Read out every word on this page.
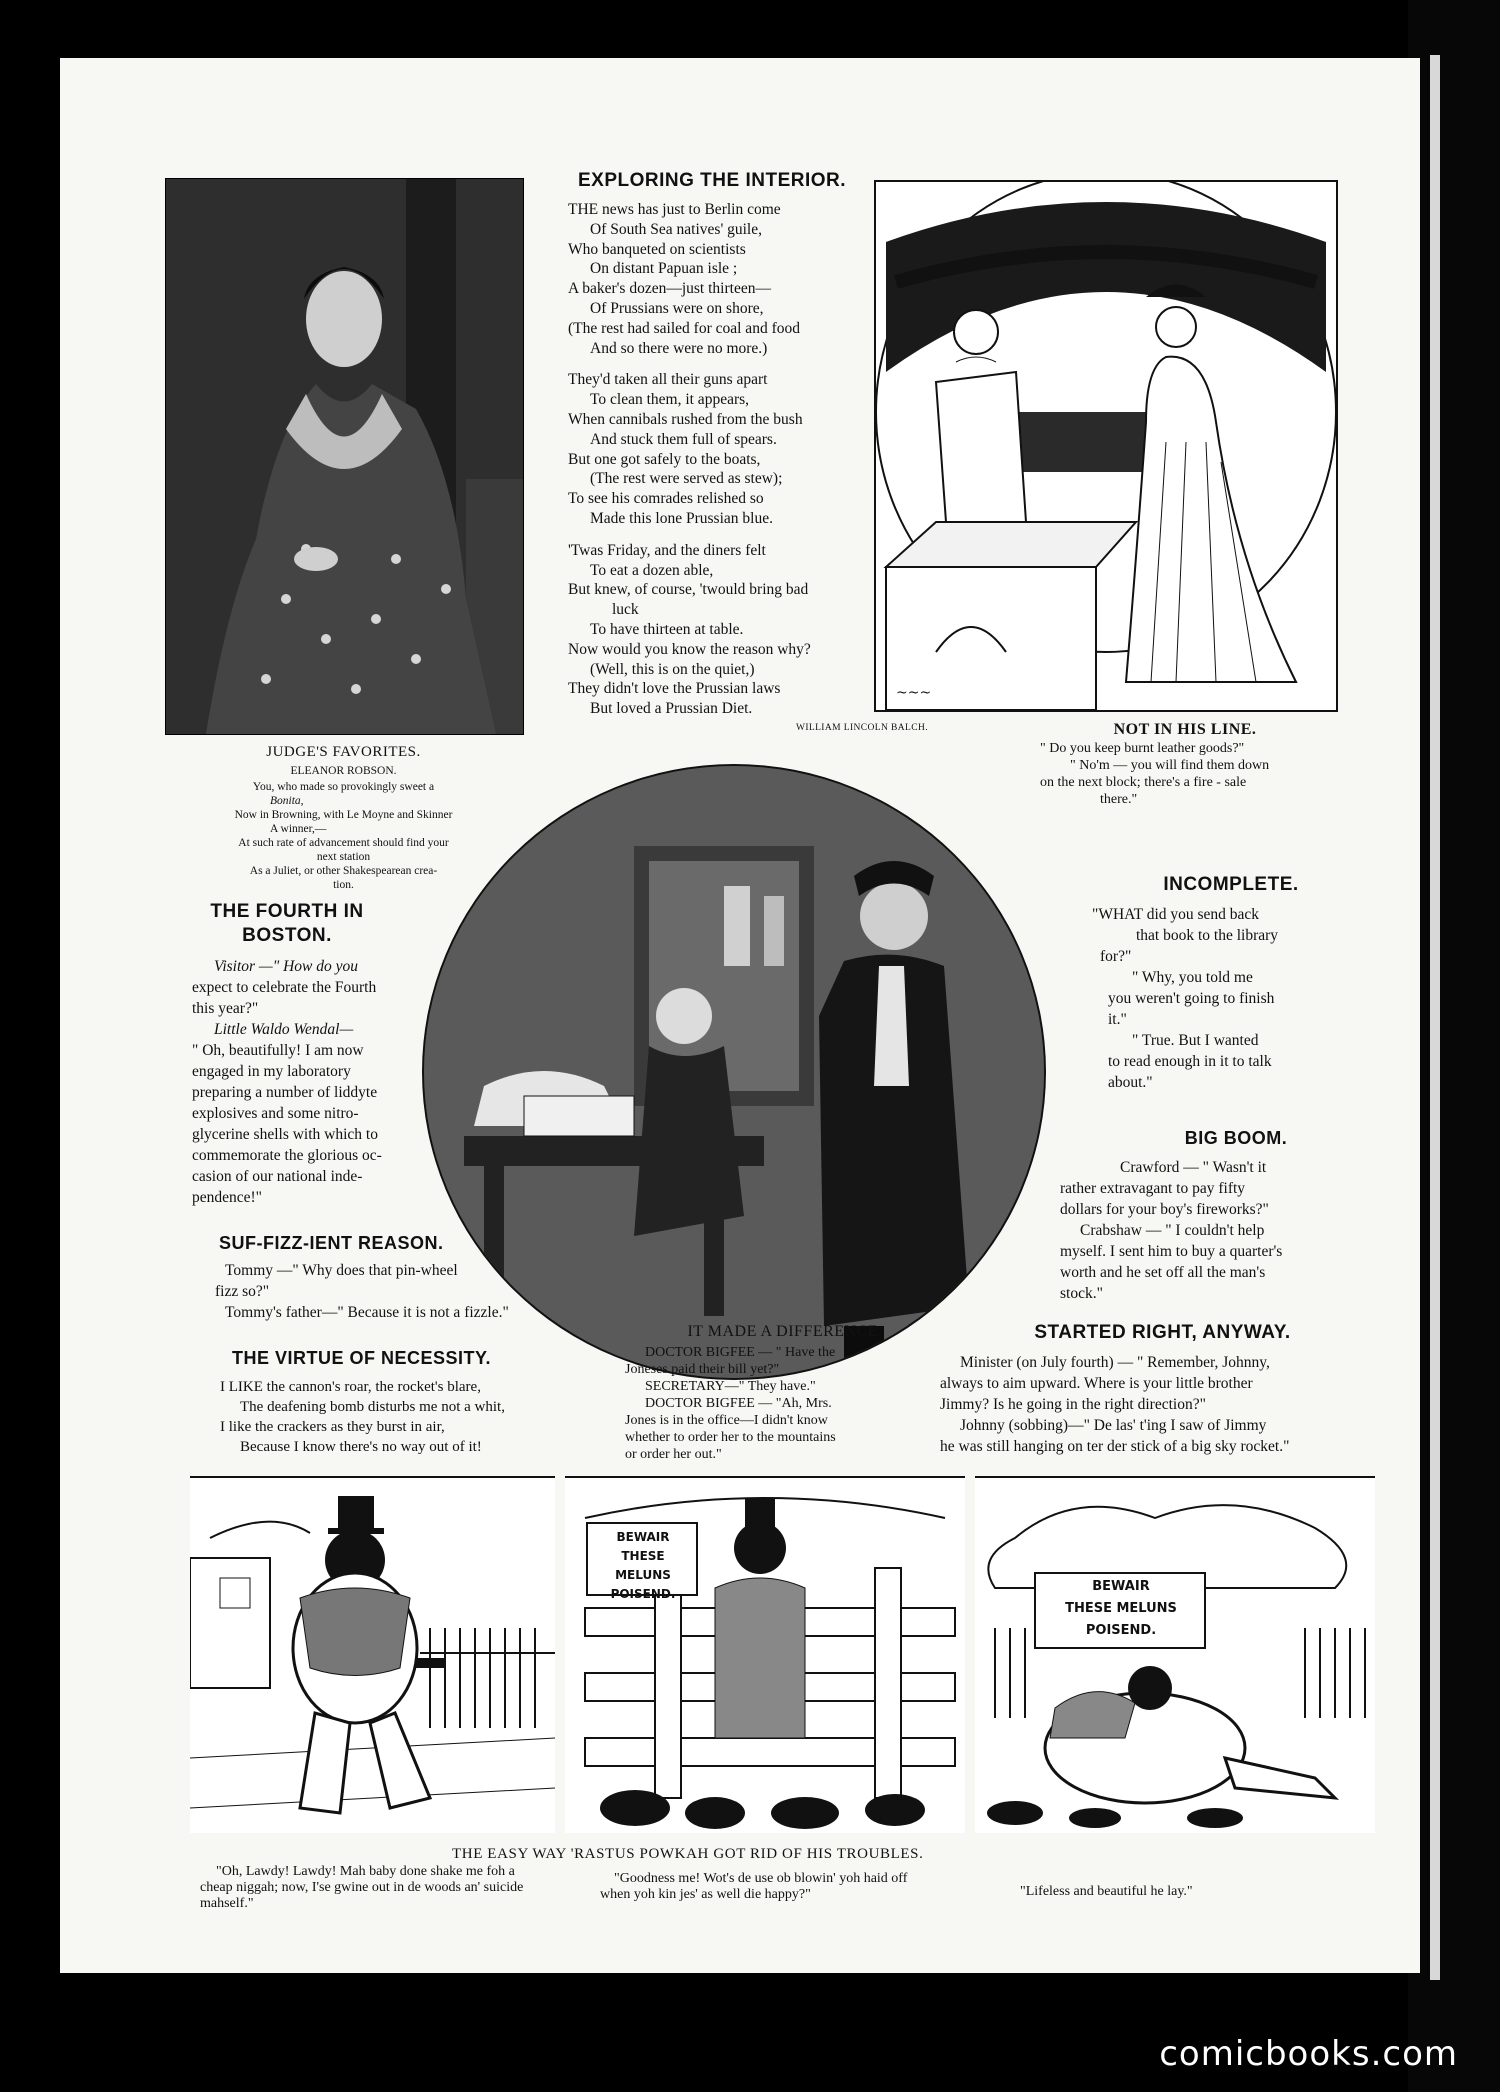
JUDGE'S FAVORITES.
ELEANOR ROBSON.
You, who made so provokingly sweet a
Bonita,
Now in Browning, with Le Moyne and Skinner
A winner,—
At such rate of advancement should find your
next station
As a Juliet, or other Shakespearean crea-
tion.
EXPLORING THE INTERIOR.
THE news has just to Berlin come
Of South Sea natives' guile,
Who banqueted on scientists
On distant Papuan isle ;
A baker's dozen—just thirteen—
Of Prussians were on shore,
(The rest had sailed for coal and food
And so there were no more.)
They'd taken all their guns apart
To clean them, it appears,
When cannibals rushed from the bush
And stuck them full of spears.
But one got safely to the boats,
(The rest were served as stew);
To see his comrades relished so
Made this lone Prussian blue.
'Twas Friday, and the diners felt
To eat a dozen able,
But knew, of course, 'twould bring bad
luck
To have thirteen at table.
Now would you know the reason why?
(Well, this is on the quiet,)
They didn't love the Prussian laws
But loved a Prussian Diet.
WILLIAM LINCOLN BALCH.
~~~
NOT IN HIS LINE.
" Do you keep burnt leather goods?"
" No'm — you will find them down
on the next block; there's a fire - sale
there."
INCOMPLETE.
"WHAT did you send back
that book to the library
for?"
" Why, you told me
you weren't going to finish
it."
" True. But I wanted
to read enough in it to talk
about."
BIG BOOM.
Crawford — " Wasn't it
rather extravagant to pay fifty
dollars for your boy's fireworks?"
Crabshaw — " I couldn't help
myself. I sent him to buy a quarter's
worth and he set off all the man's
stock."
THE FOURTH IN BOSTON.
Visitor —" How do you
expect to celebrate the Fourth
this year?"
Little Waldo Wendal—
" Oh, beautifully! I am now
engaged in my laboratory
preparing a number of liddyte
explosives and some nitro-
glycerine shells with which to
commemorate the glorious oc-
casion of our national inde-
pendence!"
SUF-FIZZ-IENT REASON.
Tommy —" Why does that pin-wheel
fizz so?"
Tommy's father—" Because it is not a fizzle."
THE VIRTUE OF NECESSITY.
I LIKE the cannon's roar, the rocket's blare,
The deafening bomb disturbs me not a whit,
I like the crackers as they burst in air,
Because I know there's no way out of it!
IT MADE A DIFFERENCE.
DOCTOR BIGFEE — " Have the
Joneses paid their bill yet?"
SECRETARY—" They have."
DOCTOR BIGFEE — "Ah, Mrs.
Jones is in the office—I didn't know
whether to order her to the mountains
or order her out."
STARTED RIGHT, ANYWAY.
Minister (on July fourth) — " Remember, Johnny,
always to aim upward. Where is your little brother
Jimmy? Is he going in the right direction?"
Johnny (sobbing)—" De las' t'ing I saw of Jimmy
he was still hanging on ter der stick of a big sky rocket."
BEWAIR
THESE MELUNS
POISEND.	BEWAIR
THESE MELUNS
POISEND.
THE EASY WAY 'RASTUS POWKAH GOT RID OF HIS TROUBLES.
"Oh, Lawdy! Lawdy! Mah baby done shake me foh a cheap niggah; now, I'se gwine out in de woods an' suicide mahself."
"Goodness me! Wot's de use ob blowin' yoh haid off when yoh kin jes' as well die happy?"	"Lifeless and beautiful he lay."
comicbooks.com
